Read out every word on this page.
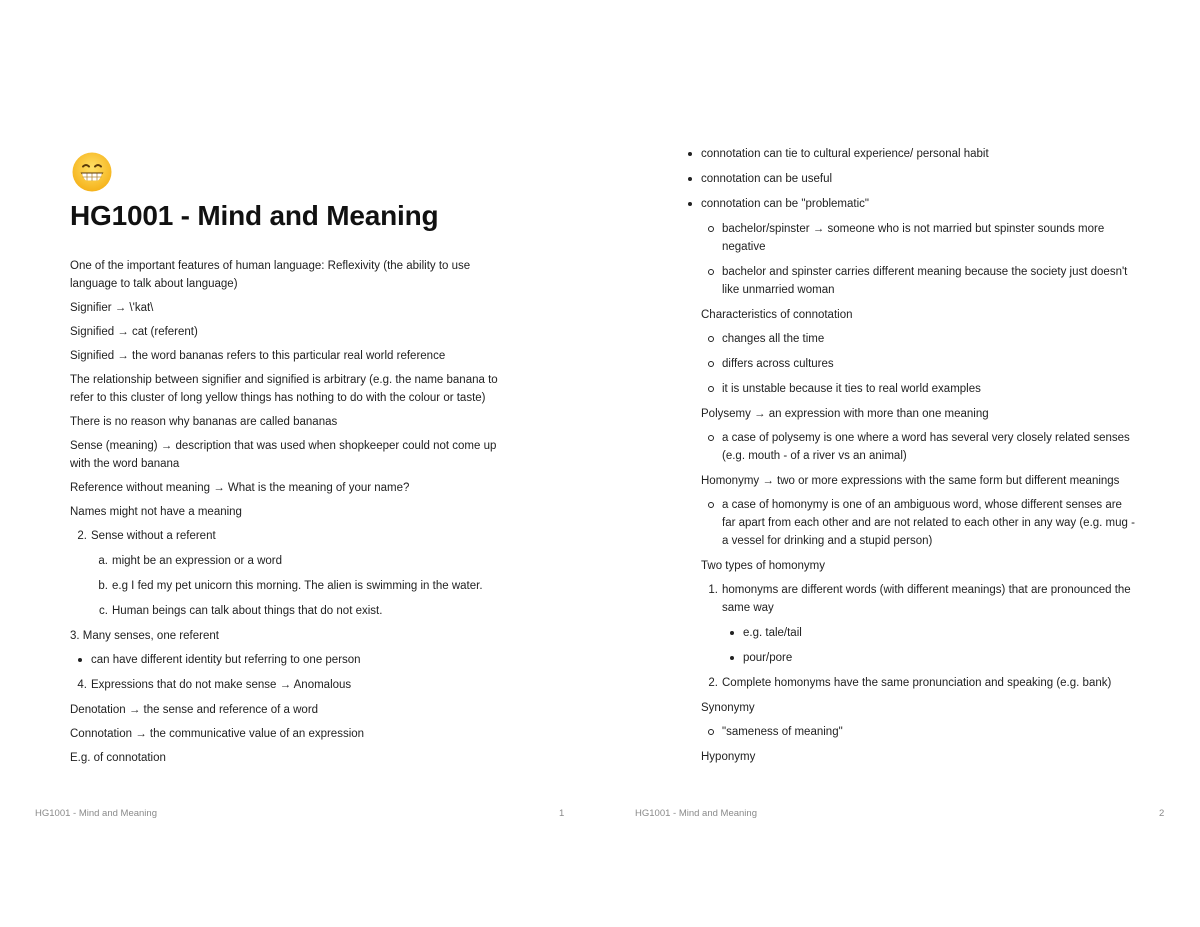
HG1001 - Mind and Meaning
One of the important features of human language: Reflexivity (the ability to use language to talk about language)
Signifier → \'kat\
Signified → cat (referent)
Signified → the word bananas refers to this particular real world reference
The relationship between signifier and signified is arbitrary (e.g. the name banana to refer to this cluster of long yellow things has nothing to do with the colour or taste)
There is no reason why bananas are called bananas
Sense (meaning) → description that was used when shopkeeper could not come up with the word banana
Reference without meaning → What is the meaning of your name?
Names might not have a meaning
2. Sense without a referent
a. might be an expression or a word
b. e.g I fed my pet unicorn this morning. The alien is swimming in the water.
c. Human beings can talk about things that do not exist.
3. Many senses, one referent
can have different identity but referring to one person
4. Expressions that do not make sense → Anomalous
Denotation → the sense and reference of a word
Connotation → the communicative value of an expression
E.g. of connotation
HG1001 - Mind and Meaning	1	HG1001 - Mind and Meaning	2
connotation can tie to cultural experience/ personal habit
connotation can be useful
connotation can be "problematic"
bachelor/spinster → someone who is not married but spinster sounds more negative
bachelor and spinster carries different meaning because the society just doesn't like unmarried woman
Characteristics of connotation
changes all the time
differs across cultures
it is unstable because it ties to real world examples
Polysemy → an expression with more than one meaning
a case of polysemy is one where a word has several very closely related senses (e.g. mouth - of a river vs an animal)
Homonymy → two or more expressions with the same form but different meanings
a case of homonymy is one of an ambiguous word, whose different senses are far apart from each other and are not related to each other in any way (e.g. mug - a vessel for drinking and a stupid person)
Two types of homonymy
1. homonyms are different words (with different meanings) that are pronounced the same way
e.g. tale/tail
pour/pore
2. Complete homonyms have the same pronunciation and speaking (e.g. bank)
Synonymy
"sameness of meaning"
Hyponymy
